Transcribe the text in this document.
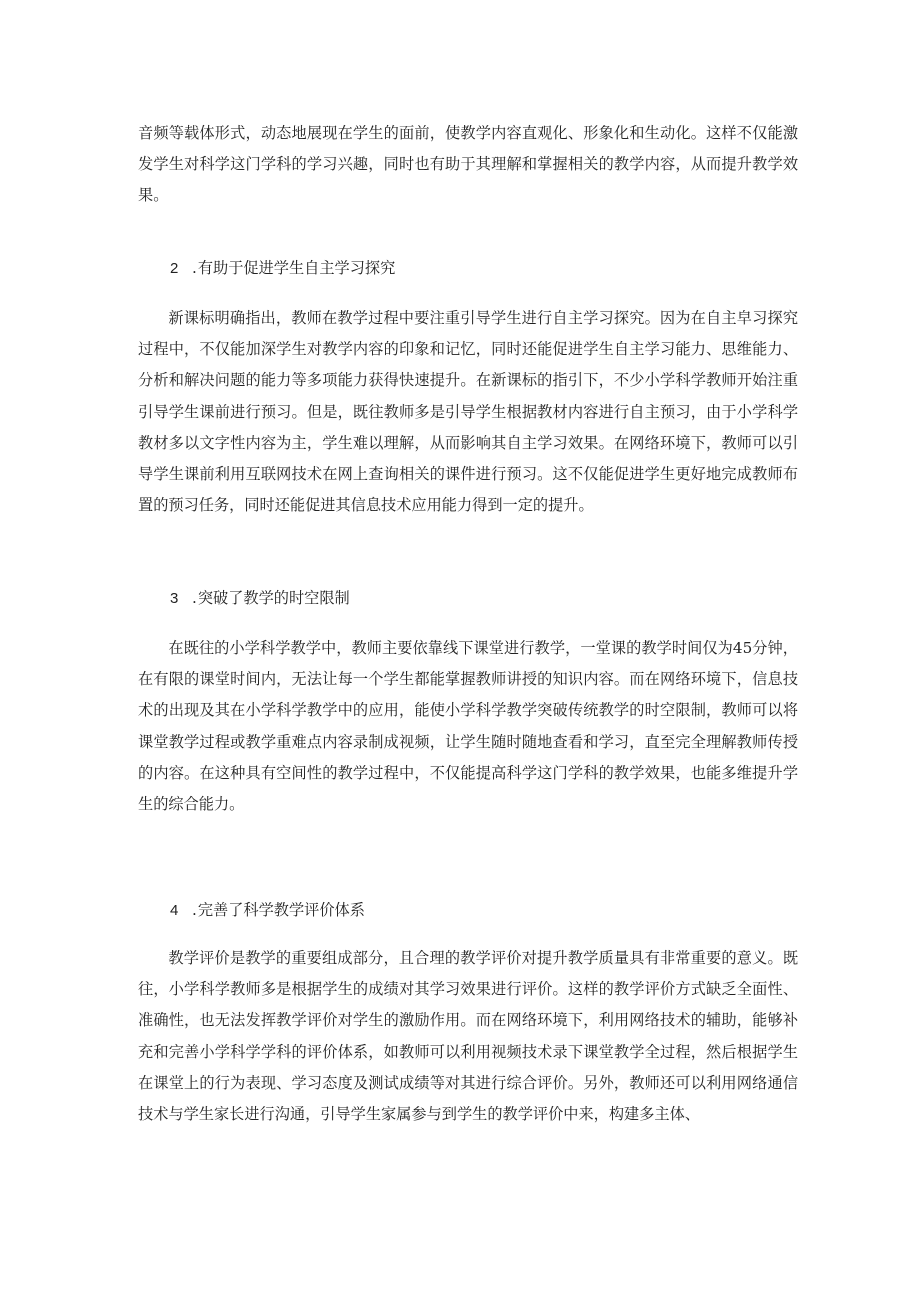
音频等载体形式，动态地展现在学生的面前，使教学内容直观化、形象化和生动化。这样不仅能激发学生对科学这门学科的学习兴趣，同时也有助于其理解和掌握相关的教学内容，从而提升教学效果。

2 .有助于促进学生自主学习探究

新课标明确指出，教师在教学过程中要注重引导学生进行自主学习探究。因为在自主皁习探究过程中，不仅能加深学生对教学内容的印象和记忆，同时还能促进学生自主学习能力、思维能力、分析和解决问题的能力等多项能力获得快速提升。在新课标的指引下，不少小学科学教师开始注重引导学生课前进行预习。但是，既往教师多是引导学生根据教材内容进行自主预习，由于小学科学教材多以文字性内容为主，学生难以理解，从而影响其自主学习效果。在网络环境下，教师可以引导学生课前利用互联网技术在网上查询相关的课件进行预习。这不仅能促进学生更好地完成教师布置的预习任务，同时还能促进其信息技术应用能力得到一定的提升。

3 .突破了教学的时空限制

在既往的小学科学教学中，教师主要依靠线下课堂进行教学，一堂课的教学时间仅为45分钟，在有限的课堂时间内，无法让每一个学生都能掌握教师讲授的知识内容。而在网络环境下，信息技术的出现及其在小学科学教学中的应用，能使小学科学教学突破传统教学的时空限制，教师可以将课堂教学过程或教学重难点内容录制成视频，让学生随时随地查看和学习，直至完全理解教师传授的内容。在这种具有空间性的教学过程中，不仅能提高科学这门学科的教学效果，也能多维提升学生的综合能力。

4 .完善了科学教学评价体系

教学评价是教学的重要组成部分，且合理的教学评价对提升教学质量具有非常重要的意义。既往，小学科学教师多是根据学生的成绩对其学习效果进行评价。这样的教学评价方式缺乏全面性、准确性，也无法发挥教学评价对学生的激励作用。而在网络环境下，利用网络技术的辅助，能够补充和完善小学科学学科的评价体系，如教师可以利用视频技术录下课堂教学全过程，然后根据学生在课堂上的行为表现、学习态度及测试成绩等对其进行综合评价。另外，教师还可以利用网络通信技术与学生家长进行沟通，引导学生家属参与到学生的教学评价中来，构建多主体、
